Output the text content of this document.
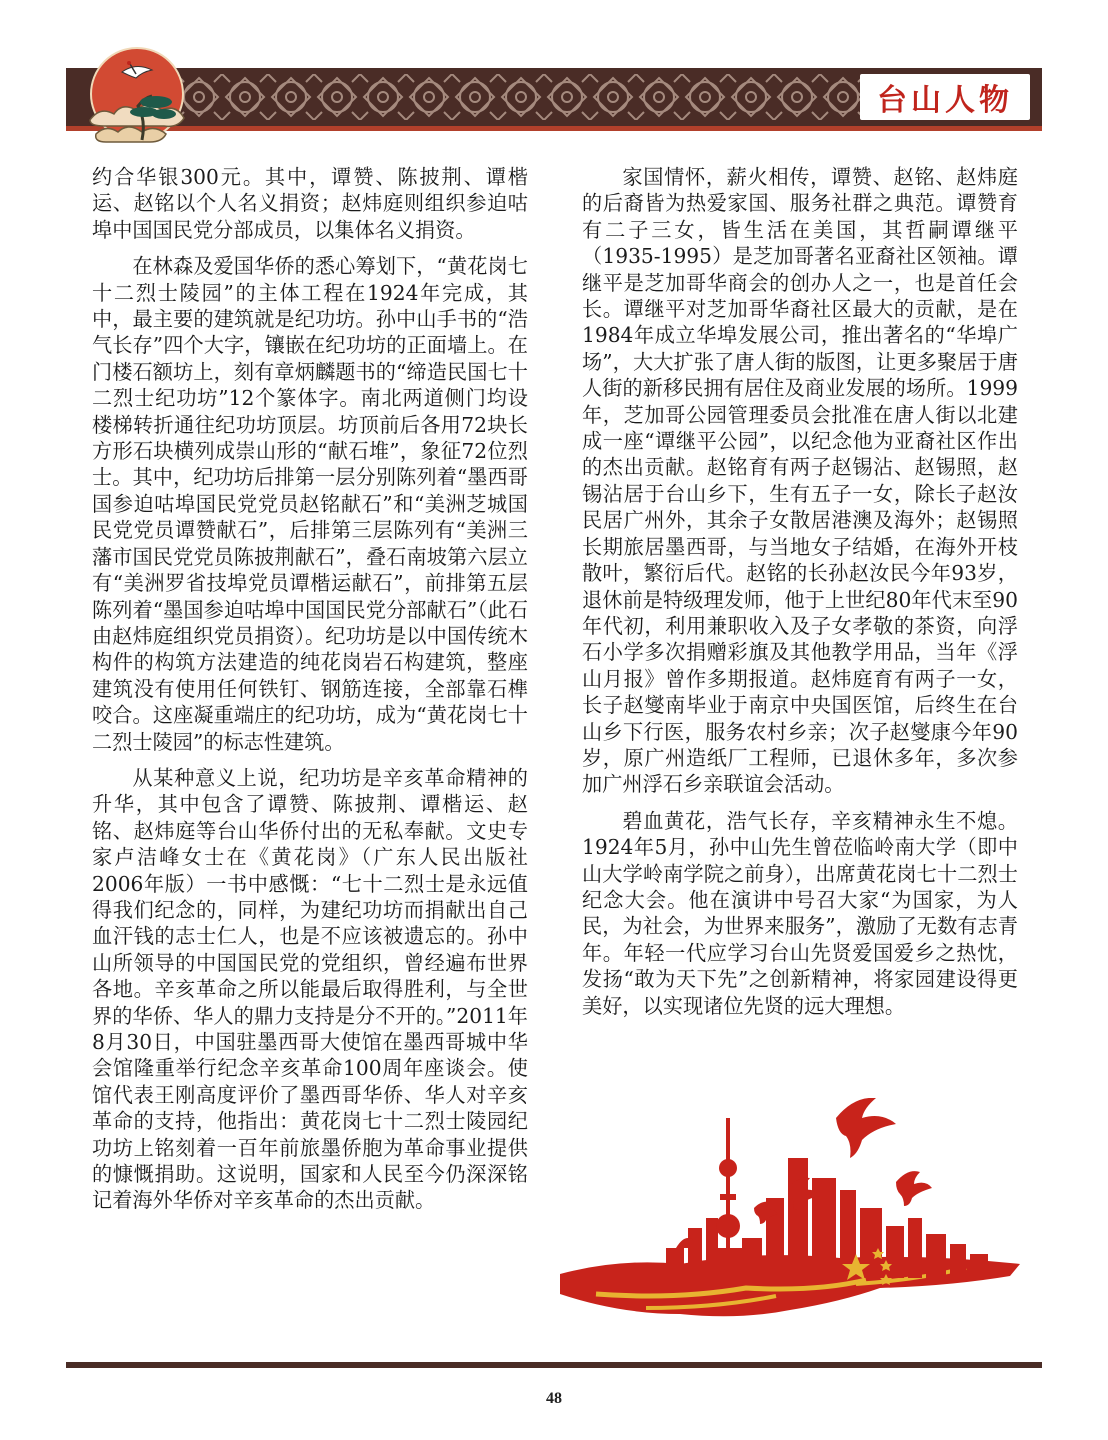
台山人物

约合华银300元。其中，谭赞、陈披荆、谭楷运、赵铭以个人名义捐资；赵炜庭则组织参迫咕埠中国国民党分部成员，以集体名义捐资。

在林森及爱国华侨的悉心筹划下，“黄花岗七十二烈士陵园”的主体工程在1924年完成，其中，最主要的建筑就是纪功坊。孙中山手书的“浩气长存”四个大字，镶嵌在纪功坊的正面墙上。在门楼石额坊上，刻有章炳麟题书的“缔造民国七十二烈士纪功坊”12个篆体字。南北两道侧门均设楼梯转折通往纪功坊顶层。坊顶前后各用72块长方形石块横列成崇山形的“献石堆”，象征72位烈士。其中，纪功坊后排第一层分别陈列着“墨西哥国参迫咕埠国民党党员赵铭献石”和“美洲芝城国民党党员谭赞献石”，后排第三层陈列有“美洲三藩市国民党党员陈披荆献石”，叠石南坡第六层立有“美洲罗省技埠党员谭楷运献石”，前排第五层陈列着“墨国参迫咕埠中国国民党分部献石”（此石由赵炜庭组织党员捐资）。纪功坊是以中国传统木构件的构筑方法建造的纯花岗岩石构建筑，整座建筑没有使用任何铁钉、钢筋连接，全部靠石榫咬合。这座凝重端庄的纪功坊，成为“黄花岗七十二烈士陵园”的标志性建筑。

从某种意义上说，纪功坊是辛亥革命精神的升华，其中包含了谭赞、陈披荆、谭楷运、赵铭、赵炜庭等台山华侨付出的无私奉献。文史专家卢洁峰女士在《黄花岗》（广东人民出版社2006年版）一书中感慨：“七十二烈士是永远值得我们纪念的，同样，为建纪功坊而捐献出自己血汗钱的志士仁人，也是不应该被遗忘的。孙中山所领导的中国国民党的党组织，曾经遍布世界各地。辛亥革命之所以能最后取得胜利，与全世界的华侨、华人的鼎力支持是分不开的。”2011年8月30日，中国驻墨西哥大使馆在墨西哥城中华会馆隆重举行纪念辛亥革命100周年座谈会。使馆代表王刚高度评价了墨西哥华侨、华人对辛亥革命的支持，他指出：黄花岗七十二烈士陵园纪功坊上铭刻着一百年前旅墨侨胞为革命事业提供的慷慨捐助。这说明，国家和人民至今仍深深铭记着海外华侨对辛亥革命的杰出贡献。

家国情怀，薪火相传，谭赞、赵铭、赵炜庭的后裔皆为热爱家国、服务社群之典范。谭赞育有二子三女，皆生活在美国，其哲嗣谭继平（1935-1995）是芝加哥著名亚裔社区领袖。谭继平是芝加哥华商会的创办人之一，也是首任会长。谭继平对芝加哥华裔社区最大的贡献，是在1984年成立华埠发展公司，推出著名的“华埠广场”，大大扩张了唐人街的版图，让更多聚居于唐人街的新移民拥有居住及商业发展的场所。1999年，芝加哥公园管理委员会批准在唐人街以北建成一座“谭继平公园”，以纪念他为亚裔社区作出的杰出贡献。赵铭育有两子赵锡沾、赵锡照，赵锡沾居于台山乡下，生有五子一女，除长子赵汝民居广州外，其余子女散居港澳及海外；赵锡照长期旅居墨西哥，与当地女子结婚，在海外开枝散叶，繁衍后代。赵铭的长孙赵汝民今年93岁，退休前是特级理发师，他于上世纪80年代末至90年代初，利用兼职收入及子女孝敬的茶资，向浮石小学多次捐赠彩旗及其他教学用品，当年《浮山月报》曾作多期报道。赵炜庭育有两子一女，长子赵燮南毕业于南京中央国医馆，后终生在台山乡下行医，服务农村乡亲；次子赵燮康今年90岁，原广州造纸厂工程师，已退休多年，多次参加广州浮石乡亲联谊会活动。

碧血黄花，浩气长存，辛亥精神永生不熄。1924年5月，孙中山先生曾莅临岭南大学（即中山大学岭南学院之前身），出席黄花岗七十二烈士纪念大会。他在演讲中号召大家“为国家，为人民，为社会，为世界来服务”，激励了无数有志青年。年轻一代应学习台山先贤爱国爱乡之热忱，发扬“敢为天下先”之创新精神，将家园建设得更美好，以实现诸位先贤的远大理想。

48
